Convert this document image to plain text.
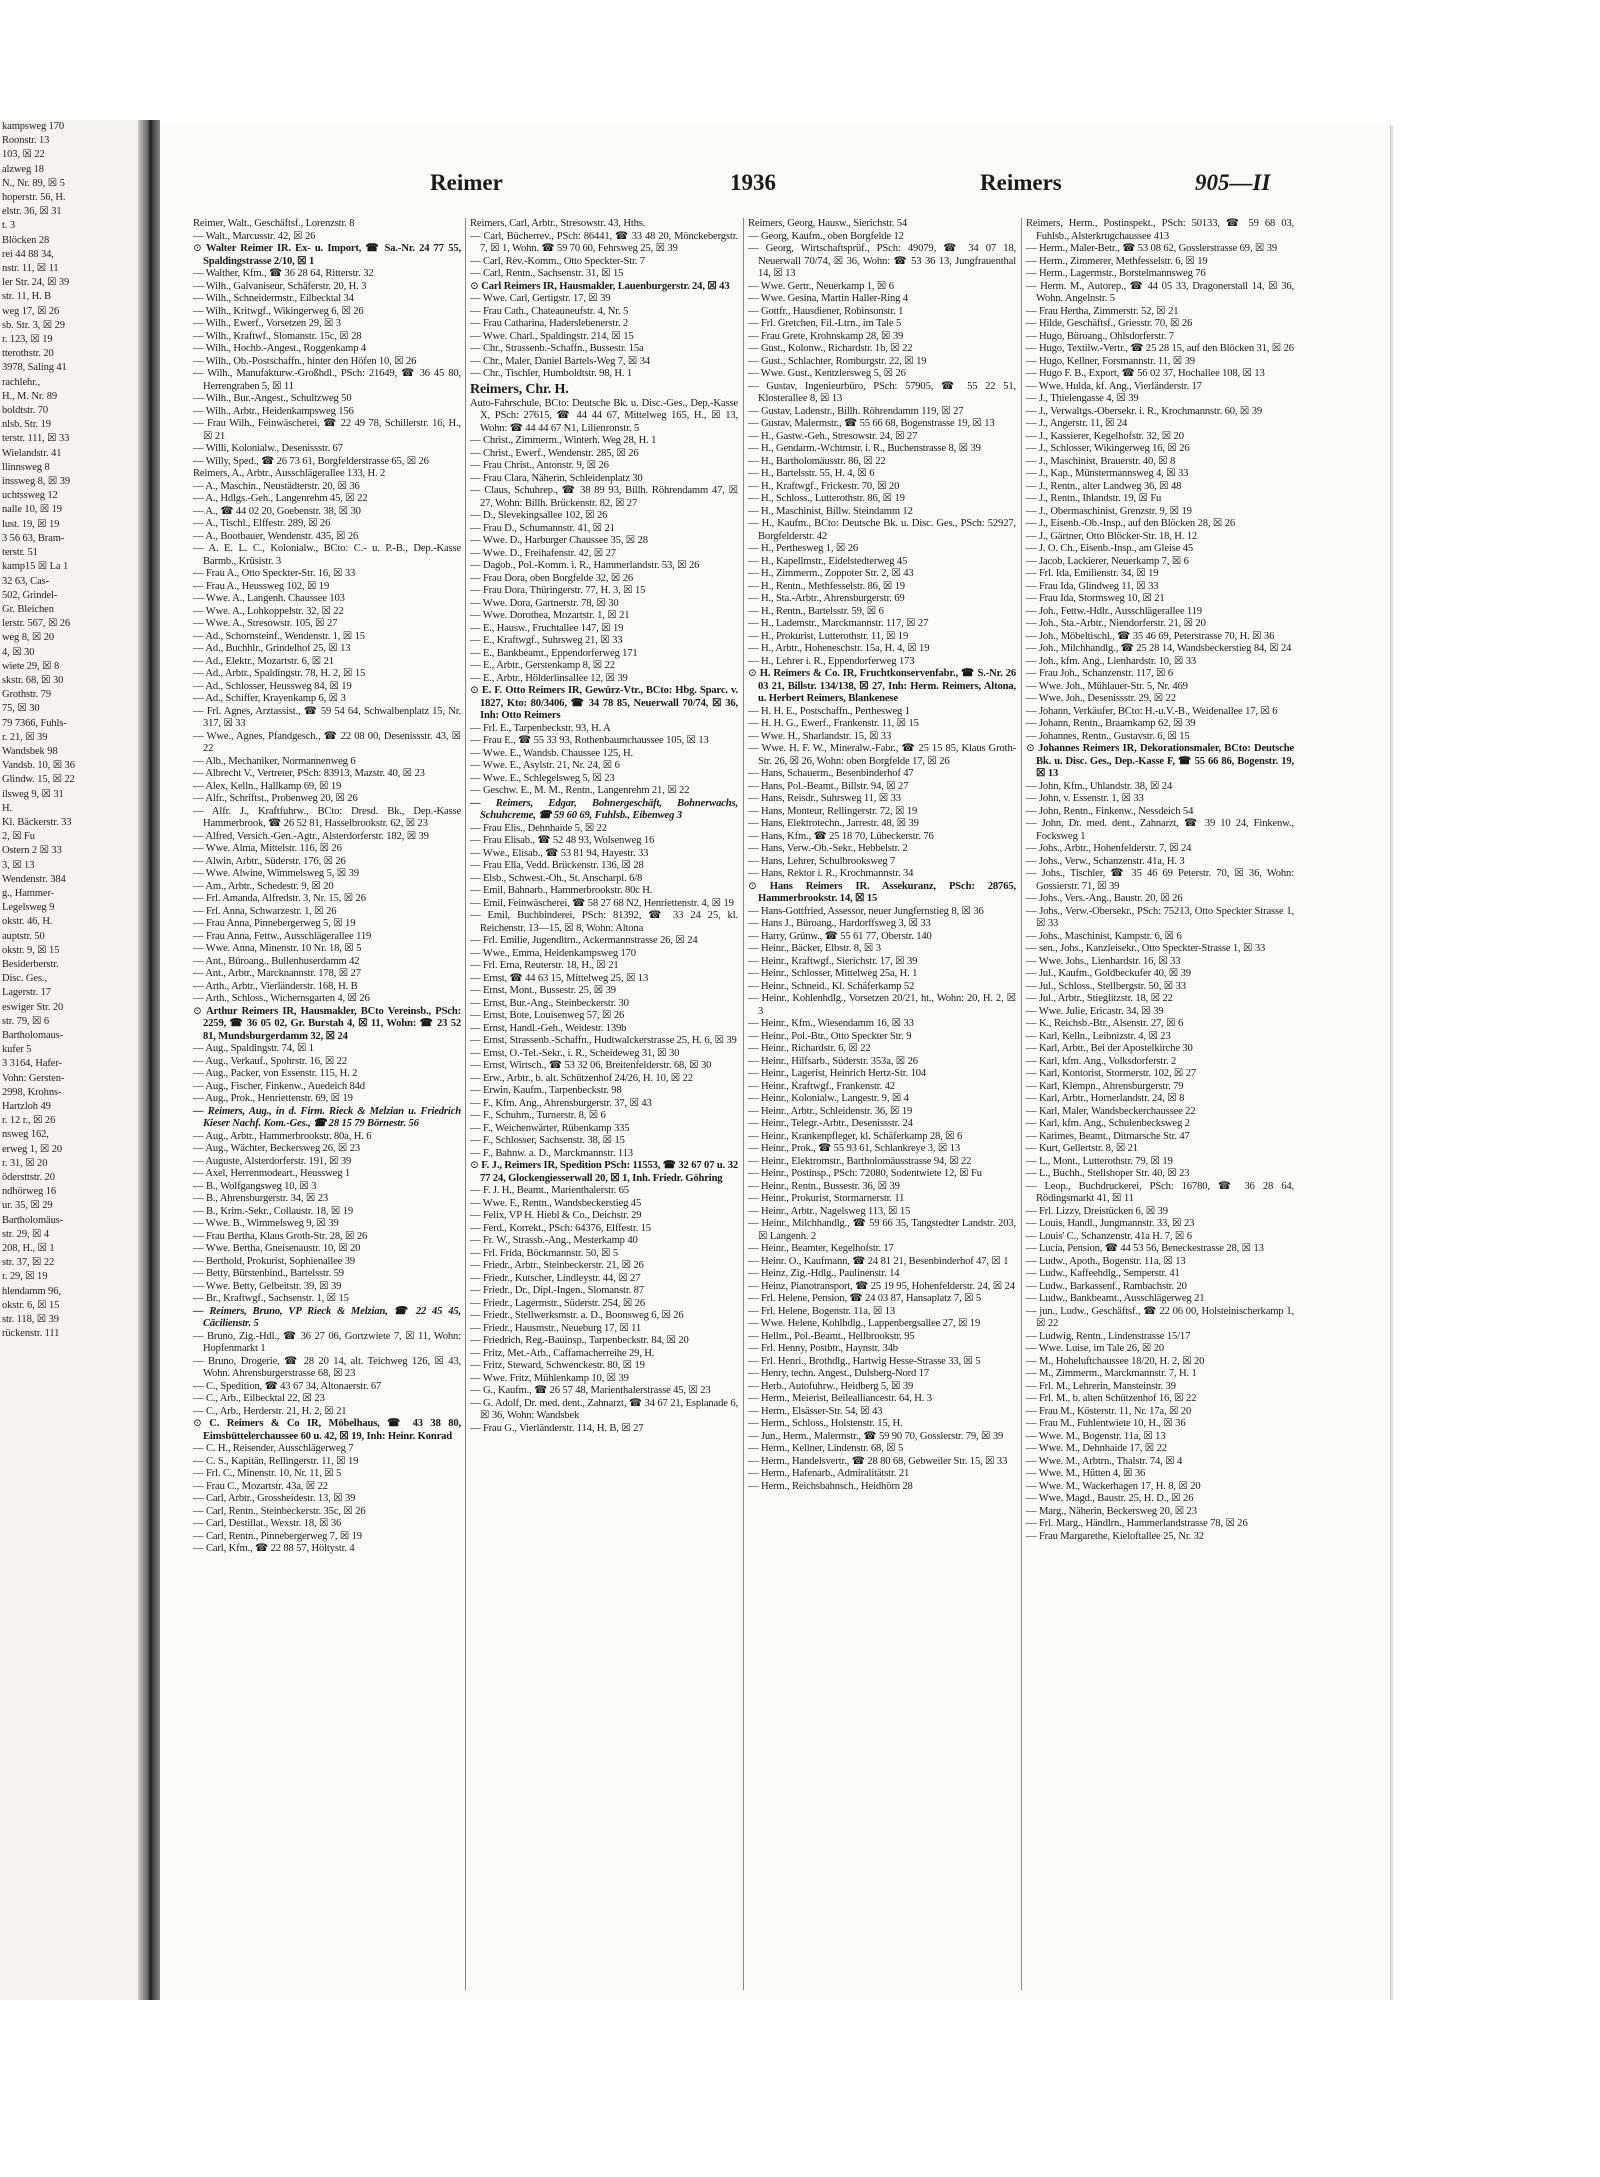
kampsweg 170
Roonstr. 13
103, ☒ 22
alzweg 18
N., Nr. 89, ☒ 5
hoperstr. 56, H.
elstr. 36, ☒ 31
t. 3
Blöcken 28
rei 44 88 34,
nstr. 11, ☒ 11
ler Str. 24, ☒ 39
str. 11, H. B
weg 17, ☒ 26
sb. Str. 3, ☒ 29
r. 123, ☒ 19
tterothstr. 20
3978, Saling 41
rachlehr.,
H., M. Nr. 89
boldtstr. 70
nlsb. Str. 19
terstr. 111, ☒ 33
Wielandstr. 41
llinnsweg 8
inssweg 8, ☒ 39
uchtssweg 12
nalle 10, ☒ 19
lust. 19, ☒ 19
3 56 63, Bram-
terstr. 51
kamp15 ☒ La 1
32 63, Cas-
502, Grindel-
Gr. Bleichen
lerstr. 567, ☒ 26
weg 8, ☒ 20
4, ☒ 30
wiete 29, ☒ 8
skstr. 68, ☒ 30
Grothstr. 79
75, ☒ 30
79 7366, Fuhls-
r. 21, ☒ 39
Wandsbek 98
Vandsb. 10, ☒ 36
Glindw. 15, ☒ 22
ilsweg 9, ☒ 31
H.
Kl. Bäckerstr. 33
2, ☒ Fu
Ostern 2 ☒ 33
3, ☒ 13
Wendenstr. 384
g., Hammer-
Legelsweg 9
okstr. 46, H.
auptstr. 50
okstr. 9, ☒ 15
Besiderberstr.
Disc. Ges.,
Lagerstr. 17
eswiger Str. 20
str. 79, ☒ 6
Bartholomaus-
kufer 5
3 3164, Hafer-
Vohn: Gersten-
2998, Krohns-
Hartzloh 49
r. 12 r., ☒ 26
nsweg 162,
erweg 1, ☒ 20
r. 31, ☒ 20
ödersttstr. 20
ndhörweg 16
ur. 35, ☒ 29
Bartholomäus-
str. 29, ☒ 4
208, H., ☒ 1
str. 37, ☒ 22
r. 29, ☒ 19
hlendamm 96,
okstr. 6, ☒ 15
str. 118, ☒ 39
rückenstr. 111
Reimer	1936	Reimers	905—II
Reimer, Walt., Geschäftsf., Lorenzstr. 8
— Walt., Marcusstr. 42, ☒ 26
⊙ Walter Reimer IR. Ex- u. Import, ☎ Sa.-Nr. 24 77 55, Spaldingstrasse 2/10, ☒ 1
— Walther, Kfm., ☎ 36 28 64, Ritterstr. 32
— Wilh., Galvaniseur, Schäferstr. 20, H. 3
— Wilh., Schneidermstr., Eilbecktal 34
— Wilh., Kritwgf., Wikingerweg 6, ☒ 26
— Wilh., Ewerf., Vorsetzen 29, ☒ 3
— Wilh., Kraftwf., Slomanstr. 15c, ☒ 28
— Wilh., Hochb.-Angest., Roggenkamp 4
— Wilh., Ob.-Postschaffn., hinter den Höfen 10, ☒ 26
— Wilh., Manufakturw.-Großhdl., PSch: 21649, ☎ 36 45 80, Herrengraben 5, ☒ 11
— Wilh., Bur.-Angest., Schultzweg 50
— Wilh., Arbtr., Heidenkampsweg 156
— Frau Wilh., Feinwäscherei, ☎ 22 49 78, Schillerstr. 16, H., ☒ 21
— Willi, Kolonialw., Desenissstr. 67
— Willy, Sped., ☎ 26 73 61, Borgfelderstrasse 65, ☒ 26
Reimers, A., Arbtr., Ausschlägerallee 133, H. 2
— A., Maschin., Neustädterstr. 20, ☒ 36
— A., Hdlgs.-Geh., Langenrehm 45, ☒ 22
— A., ☎ 44 02 20, Goebenstr. 38, ☒ 30
— A., Tischl., Elffestr. 289, ☒ 26
— A., Bootbauer, Wendenstr. 435, ☒ 26
— A. E. L. C., Kolonialw., BCto: C.- u. P.-B., Dep.-Kasse Barmb., Krüsistr. 3
— Frau A., Otto Speckter-Str. 16, ☒ 33
— Frau A., Heussweg 102, ☒ 19
— Wwe. A., Langenh. Chaussee 103
— Wwe. A., Lohkoppelstr. 32, ☒ 22
— Wwe. A., Stresowstr. 105, ☒ 27
— Ad., Schornsteinf., Wendenstr. 1, ☒ 15
— Ad., Buchhlr., Grindelhof 25, ☒ 13
— Ad., Elektr., Mozartstr. 6, ☒ 21
— Ad., Arbtr., Spaldingstr. 78, H. 2, ☒ 15
— Ad., Schlosser, Heussweg 84, ☒ 19
— Ad., Schiffer, Krayenkamp 6, ☒ 3
— Frl. Agnes, Arztassist., ☎ 59 54 64, Schwalbenplatz 15, Nr. 317, ☒ 33
— Wwe., Agnes, Pfandgesch., ☎ 22 08 00, Desenissstr. 43, ☒ 22
— Alb., Mechaniker, Normannenweg 6
— Albrecht V., Vertreter, PSch: 83913, Mazstr. 40, ☒ 23
— Alex, Kelln., Hallkamp 69, ☒ 19
— Alfr., Schriftst., Probenweg 20, ☒ 26
— Alfr. J., Kraftfuhrw., BCto: Dresd. Bk., Dep.-Kasse Hammerbrook, ☎ 26 52 81, Hasselbrookstr. 62, ☒ 23
— Alfred, Versich.-Gen.-Agtr., Alsterdorferstr. 182, ☒ 39
— Wwe. Alma, Mittelstr. 116, ☒ 26
— Alwin, Arbtr., Süderstr. 176, ☒ 26
— Wwe. Alwine, Wimmelsweg 5, ☒ 39
— Am., Arbtr., Schedestr. 9, ☒ 20
— Frl. Amanda, Alfredstr. 3, Nr. 15, ☒ 26
— Frl. Anna, Schwarzestr. 1, ☒ 26
— Frau Anna, Pinnebergerweg 5, ☒ 19
— Frau Anna, Fettw., Ausschlägerallee 119
— Wwe. Anna, Minenstr. 10 Nr. 18, ☒ 5
— Ant., Büroang., Bullenhuserdamm 42
— Ant., Arbtr., Marcknannstr. 178, ☒ 27
— Arth., Arbtr., Vierländerstr. 168, H. B
— Arth., Schloss., Wichernsgarten 4, ☒ 26
⊙ Arthur Reimers IR, Hausmakler, BCto Vereinsb., PSch: 2259, ☎ 36 05 02, Gr. Burstah 4, ☒ 11, Wohn: ☎ 23 52 81, Mundsburgerdamm 32, ☒ 24
— Aug., Spaldingstr. 74, ☒ 1
— Aug., Verkauf., Spohrstr. 16, ☒ 22
— Aug., Packer, von Essenstr. 115, H. 2
— Aug., Fischer, Finkenw., Auedeich 84d
— Aug., Prok., Henriettenstr. 69, ☒ 19
— Reimers, Aug., in d. Firm. Rieck & Melzian u. Friedrich Kieser Nachf. Kom.-Ges., ☎ 28 15 79 Börnestr. 56
— Aug., Arbtr., Hammerbrookstr. 80a, H. 6
— Aug., Wächter, Beckersweg 26, ☒ 23
— Auguste, Alsterdorferstr. 191, ☒ 39
— Axel, Herrenmodeart., Heussweg 1
— B., Wolfgangsweg 10, ☒ 3
— B., Ahrensburgerstr. 34, ☒ 23
— B., Krim.-Sekr., Collaustr. 18, ☒ 19
— Wwe. B., Wimmelsweg 9, ☒ 39
— Frau Bertha, Klaus Groth-Str. 28, ☒ 26
— Wwe. Bertha, Gneisenaustr. 10, ☒ 20
— Berthold, Prokurist, Sophienallee 39
— Betty, Bürstenbind., Bartelsstr. 59
— Wwe. Betty, Gelbeitstr. 39, ☒ 39
— Br., Kraftwgf., Sachsenstr. 1, ☒ 15
— Reimers, Bruno, VP Rieck & Melzian, ☎ 22 45 45, Cäcilienstr. 5
— Bruno, Zig.-Hdl., ☎ 36 27 06, Gortzwiete 7, ☒ 11, Wohn: Hopfenmarkt 1
— Bruno, Drogerie, ☎ 28 20 14, alt. Teichweg 126, ☒ 43, Wohn. Ahrensburgerstrasse 68, ☒ 23
— C., Spedition, ☎ 43 67 34, Altonaerstr. 67
— C., Arb., Eilbecktal 22, ☒ 23
— C., Arb., Herderstr. 21, H. 2, ☒ 21
⊙ C. Reimers & Co IR, Möbelhaus, ☎ 43 38 80, Eimsbüttelerchaussee 60 u. 42, ☒ 19, Inh: Heinr. Konrad
— C. H., Reisender, Ausschlägerweg 7
— C. S., Kapitän, Rellingerstr. 11, ☒ 19
— Frl. C., Minenstr. 10, Nr. 11, ☒ 5
— Frau C., Mozartstr. 43a, ☒ 22
— Carl, Arbtr., Grossheidestr. 13, ☒ 39
— Carl, Rentn., Steinbeckerstr. 35c, ☒ 26
— Carl, Destillat., Wexstr. 18, ☒ 36
— Carl, Rentn., Pinnebergerweg 7, ☒ 19
— Carl, Kfm., ☎ 22 88 57, Höltystr. 4
Reimers, Carl, Arbtr., Stresowstr. 43, Hths.
— Carl, Bücherrev., PSch: 86441, ☎ 33 48 20, Mönckebergstr. 7, ☒ 1, Wohn. ☎ 59 70 60, Fehrsweg 25, ☒ 39
— Carl, Rev.-Komm., Otto Speckter-Str. 7
— Carl, Rentn., Sachsenstr. 31, ☒ 15
⊙ Carl Reimers IR, Hausmakler, Lauenburgerstr. 24, ☒ 43
— Wwe. Carl, Gertigstr. 17, ☒ 39
— Frau Cath., Chateauneufstr. 4, Nr. 5
— Frau Catharina, Haderslebenerstr. 2
— Wwe. Charl., Spaldingstr. 214, ☒ 15
— Chr., Strassenb.-Schaffn., Bussestr. 15a
— Chr., Maler, Daniel Bartels-Weg 7, ☒ 34
— Chr., Tischler, Humboldtstr. 98, H. 1
Reimers, Chr. H.
Auto-Fahrschule, BCto: Deutsche Bk. u. Disc.-Ges., Dep.-Kasse X, PSch: 27615, ☎ 44 44 67, Mittelweg 165, H., ☒ 13, Wohn: ☎ 44 44 67 N1, Lilienronstr. 5
— Christ., Zimmerm., Winterh. Weg 28, H. 1
— Christ., Ewerf., Wendenstr. 285, ☒ 26
— Frau Christ., Antonstr. 9, ☒ 26
— Frau Clara, Näherin, Schleidenplatz 30
— Claus, Schuhrep., ☎ 38 89 93, Billh. Röhrendamm 47, ☒ 27, Wohn: Billh. Brückenstr. 82, ☒ 27
— D., Slevekingsallee 102, ☒ 26
— Frau D., Schumannstr. 41, ☒ 21
— Wwe. D., Harburger Chaussee 35, ☒ 28
— Wwe. D., Freihafenstr. 42, ☒ 27
— Dagob., Pol.-Komm. i. R., Hammerlandstr. 53, ☒ 26
— Frau Dora, oben Borgfelde 32, ☒ 26
— Frau Dora, Thüringerstr. 77, H. 3, ☒ 15
— Wwe. Dora, Gartnerstr. 78, ☒ 30
— Wwe. Dorothea, Mozartstr. 1, ☒ 21
— E., Hausw., Fruchtallee 147, ☒ 19
— E., Kraftwgf., Suhrsweg 21, ☒ 33
— E., Bankbeamt., Eppendorferweg 171
— E., Arbtr., Gerstenkamp 8, ☒ 22
— E., Arbtr., Hölderlinsallee 12, ☒ 39
⊙ E. F. Otto Reimers IR, Gewürz-Vtr., BCto: Hbg. Sparc. v. 1827, Kto: 80/3406, ☎ 34 78 85, Neuerwall 70/74, ☒ 36, Inh: Otto Reimers
— Frl. E., Tarpenbeckstr. 93, H. A
— Frau E., ☎ 55 33 93, Rothenbaumchaussee 105, ☒ 13
— Wwe. E., Wandsb. Chaussee 125, H.
— Wwe. E., Asylstr. 21, Nr. 24, ☒ 6
— Wwe. E., Schlegelsweg 5, ☒ 23
— Geschw. E., M. M., Rentn., Langenrehm 21, ☒ 22
— Reimers, Edgar, Bohnergeschäft, Bohnerwachs, Schuhcreme, ☎ 59 60 69, Fuhlsb., Eibenweg 3
— Frau Elis., Dehnhaide 5, ☒ 22
— Frau Elisab., ☎ 52 48 93, Wolsenweg 16
— Wwe., Elisab., ☎ 53 81 94, Hayestr. 33
— Frau Ella, Vedd. Brückenstr. 136, ☒ 28
— Elsb., Schwest.-Oh., St. Anscharpl. 6/8
— Emil, Bahnarb., Hammerbrookstr. 80c H.
— Emil, Feinwäscherei, ☎ 58 27 68 N2, Henriettenstr. 4, ☒ 19
— Emil, Buchbinderei, PSch: 81392, ☎ 33 24 25, kl. Reichenstr. 13—15, ☒ 8, Wohn: Altona
— Frl. Emilie, Jugendltrn., Ackermannstrasse 26, ☒ 24
— Wwe., Emma, Heidenkampsweg 170
— Frl. Erna, Reuterstr. 18, H., ☒ 21
— Ernst, ☎ 44 63 15, Mittelweg 25, ☒ 13
— Ernst, Mont., Bussestr. 25, ☒ 39
— Ernst, Bur.-Ang., Steinbeckerstr. 30
— Ernst, Bote, Louisenweg 57, ☒ 26
— Ernst, Handl.-Geh., Weidestr. 139b
— Ernst, Strassenb.-Schaffn., Hudtwalckerstrasse 25, H. 6, ☒ 39
— Ernst, O.-Tel.-Sekr., i. R., Scheideweg 31, ☒ 30
— Ernst, Wirtsch., ☎ 53 32 06, Breitenfelderstr. 68, ☒ 30
— Erw., Arbtr., b. alt. Schützenhof 24/26, H. 10, ☒ 22
— Erwin, Kaufm., Tarpenbeckstr. 98
— F., Kfm. Ang., Ahrensburgerstr. 37, ☒ 43
— F., Schuhm., Turnerstr. 8, ☒ 6
— F., Weichenwärter, Rübenkamp 335
— F., Schlosser, Sachsenstr. 38, ☒ 15
— F., Bahnw. a. D., Marckmannstr. 113
⊙ F. J., Reimers IR, Spedition PSch: 11553, ☎ 32 67 07 u. 32 77 24, Glockengiesserwall 20, ☒ 1, Inh. Friedr. Göhring
— F. J. H., Beamt., Marienthalerstr. 65
— Wwe. F., Rentn., Wandsbeckerstieg 45
— Felix, VP H. Hiebl & Co., Deichstr. 29
— Ferd., Korrekt., PSch: 64376, Elffestr. 15
— Fr. W., Strassb.-Ang., Mesterkamp 40
— Frl. Frida, Böckmannstr. 50, ☒ 5
— Friedr., Arbtr., Steinbeckerstr. 21, ☒ 26
— Friedr., Kutscher, Lindleystr. 44, ☒ 27
— Friedr., Dr., Dipl.-Ingen., Slomanstr. 87
— Friedr., Lagermstr., Süderstr. 254, ☒ 26
— Friedr., Stellwerksmstr. a. D., Boonsweg 6, ☒ 26
— Friedr., Hausmstr., Neueburg 17, ☒ 11
— Friedrich, Reg.-Bauinsp., Tarpenbeckstr. 84, ☒ 20
— Fritz, Met.-Arb., Caffamacherreihe 29, H.
— Fritz, Steward, Schwenckestr. 80, ☒ 19
— Wwe. Fritz, Mühlenkamp 10, ☒ 39
— G., Kaufm., ☎ 26 57 48, Marienthalerstrasse 45, ☒ 23
— G. Adolf, Dr. med. dent., Zahnarzt, ☎ 34 67 21, Esplanade 6, ☒ 36, Wohn: Wandsbek
— Frau G., Vierländerstr. 114, H. B, ☒ 27
Reimers, Georg, Hausw., Sierichstr. 54
— Georg, Kaufm., oben Borgfelde 12
— Georg, Wirtschaftsprüf., PSch: 49079, ☎ 34 07 18, Neuerwall 70/74, ☒ 36, Wohn: ☎ 53 36 13, Jungfrauenthal 14, ☒ 13
— Wwe. Gertr., Neuerkamp 1, ☒ 6
— Wwe. Gesina, Martin Haller-Ring 4
— Gottfr., Hausdiener, Robinsonstr. 1
— Frl. Gretchen, Fil.-Ltrn., im Tale 5
— Frau Grete, Krohnskamp 28, ☒ 39
— Gust., Kolonw., Richardstr. 1b, ☒ 22
— Gust., Schlachter, Romburgstr. 22, ☒ 19
— Wwe. Gust., Kentzlersweg 5, ☒ 26
— Gustav, Ingenieurbüro, PSch: 57905, ☎ 55 22 51, Klosterallee 8, ☒ 13
— Gustav, Ladenstr., Billh. Röhrendamm 119, ☒ 27
— Gustav, Malermstr., ☎ 55 66 68, Bogenstrasse 19, ☒ 13
— H., Gastw.-Geh., Stresowstr. 24, ☒ 27
— H., Gendarm.-Wchtmstr. i. R., Buchenstrasse 8, ☒ 39
— H., Bartholomäusstr. 86, ☒ 22
— H., Bartelsstr. 55, H. 4, ☒ 6
— H., Kraftwgf., Frickestr. 70, ☒ 20
— H., Schloss., Lutterothstr. 86, ☒ 19
— H., Maschinist, Billw. Steindamm 12
— H., Kaufm., BCto: Deutsche Bk. u. Disc. Ges., PSch: 52927, Borgfelderstr. 42
— H., Perthesweg 1, ☒ 26
— H., Kapellmstr., Eidelstedterweg 45
— H., Zimmerm., Zoppoter Str. 2, ☒ 43
— H., Rentn., Methfesselstr. 86, ☒ 19
— H., Sta.-Arbtr., Ahrensburgerstr. 69
— H., Rentn., Bartelsstr. 59, ☒ 6
— H., Lademstr., Marckmannstr. 117, ☒ 27
— H., Prokurist, Lutterothstr. 11, ☒ 19
— H., Arbtr., Hoheneschstr. 15a, H. 4, ☒ 19
— H., Lehrer i. R., Eppendorferweg 173
⊙ H. Reimers & Co. IR, Fruchtkonservenfabr., ☎ S.-Nr. 26 03 21, Billstr. 134/138, ☒ 27, Inh: Herm. Reimers, Altona, u. Herbert Reimers, Blankenese
— H. H. E., Postschaffn., Perthesweg 1
— H. H. G., Ewerf., Frankenstr. 11, ☒ 15
— Wwe. H., Sharlandstr. 15, ☒ 33
— Wwe. H. F. W., Mineralw.-Fabr., ☎ 25 15 85, Klaus Groth-Str. 26, ☒ 26, Wohn: oben Borgfelde 17, ☒ 26
— Hans, Schauerm., Besenbinderhof 47
— Hans, Pol.-Beamt., Billstr. 94, ☒ 27
— Hans, Reisdr., Suhrsweg 11, ☒ 33
— Hans, Monteur, Rellingerstr. 72, ☒ 19
— Hans, Elektrotechn., Jarrestr. 48, ☒ 39
— Hans, Kfm., ☎ 25 18 70, Lübeckerstr. 76
— Hans, Verw.-Ob.-Sekr., Hebbelstr. 2
— Hans, Lehrer, Schulbrooksweg 7
— Hans, Rektor i. R., Krochmannstr. 34
⊙ Hans Reimers IR. Assekuranz, PSch: 28765, Hammerbrookstr. 14, ☒ 15
— Hans-Gottfried, Assessor, neuer Jungfernstieg 8, ☒ 36
— Hans J., Büroang., Hardorffsweg 3, ☒ 33
— Harry, Grünw., ☎ 55 61 77, Oberstr. 140
— Heinr., Bäcker, Elbstr. 8, ☒ 3
— Heinr., Kraftwgf., Sierichstr. 17, ☒ 39
— Heinr., Schlosser, Mittelweg 25a, H. 1
— Heinr., Schneid., Kl. Schäferkamp 52
— Heinr., Kohlenhdlg., Vorsetzen 20/21, ht., Wohn: 20, H. 2, ☒ 3
— Heinr., Kfm., Wiesendamm 16, ☒ 33
— Heinr., Pol.-Btr., Otto Speckter Str. 9
— Heinr., Richardstr. 6, ☒ 22
— Heinr., Hilfsarb., Süderstr. 353a, ☒ 26
— Heinr., Lagerist, Heinrich Hertz-Str. 104
— Heinr., Kraftwgf., Frankenstr. 42
— Heinr., Kolonialw., Langestr. 9, ☒ 4
— Heinr., Arbtr., Schleidenstr. 36, ☒ 19
— Heinr., Telegr.-Arbtr., Desenissstr. 24
— Heinr., Krankenpfleger, kl. Schäferkamp 28, ☒ 6
— Heinr., Prok., ☎ 55 93 61, Schlankreye 3, ☒ 13
— Heinr., Elektromstr., Bartholomäusstrasse 94, ☒ 22
— Heinr., Postinsp., PSch: 72080, Sodentwiete 12, ☒ Fu
— Heinr., Rentn., Bussestr. 36, ☒ 39
— Heinr., Prokurist, Stormarnerstr. 11
— Heinr., Arbtr., Nagelsweg 113, ☒ 15
— Heinr., Milchhandlg., ☎ 59 66 35, Tangstedter Landstr. 203, ☒ Langenh. 2
— Heinr., Beamter, Kegelhofstr. 17
— Heinr. O., Kaufmann, ☎ 24 81 21, Besenbinderhof 47, ☒ 1
— Heinz, Zig.-Hdlg., Paulinenstr. 14
— Heinz, Pianotransport, ☎ 25 19 95, Hohenfelderstr. 24, ☒ 24
— Frl. Helene, Pension, ☎ 24 03 87, Hansaplatz 7, ☒ 5
— Frl. Helene, Bogenstr. 11a, ☒ 13
— Wwe. Helene, Kohlhdlg., Lappenbergsallee 27, ☒ 19
— Hellm., Pol.-Beamt., Hellbrookstr. 95
— Frl. Henny, Postbtr., Haynstr. 34b
— Frl. Henri., Brothdlg., Hartwig Hesse-Strasse 33, ☒ 5
— Henry, techn. Angest., Dulsberg-Nord 17
— Herb., Autofuhrw., Heidberg 5, ☒ 39
— Herm., Meierist, Beilealliancestr. 64, H. 3
— Herm., Elsässer-Str. 54, ☒ 43
— Herm., Schloss., Holstenstr. 15, H.
— Jun., Herm., Malermstr., ☎ 59 90 70, Gosslerstr. 79, ☒ 39
— Herm., Kellner, Lindenstr. 68, ☒ 5
— Herm., Handelsvertr., ☎ 28 80 68, Gebweiler Str. 15, ☒ 33
— Herm., Hafenarb., Admiralitätstr. 21
— Herm., Reichsbahnsch., Heidhörn 28
Reimers, Herm., Postinspekt., PSch: 50133, ☎ 59 68 03, Fuhlsb., Alsterkrugchaussee 413
— Herm., Maler-Betr., ☎ 53 08 62, Gosslerstrasse 69, ☒ 39
— Herm., Zimmerer, Methfesselstr. 6, ☒ 19
— Herm., Lagermstr., Borstelmannsweg 76
— Herm. M., Autorep., ☎ 44 05 33, Dragonerstall 14, ☒ 36, Wohn. Angelnstr. 5
— Frau Hertha, Zimmerstr. 52, ☒ 21
— Hilde, Geschäftsf., Griesstr. 70, ☒ 26
— Hugo, Büroang., Ohlsdorferstr. 7
— Hugo, Textilw.-Vertr., ☎ 25 28 15, auf den Blöcken 31, ☒ 26
— Hugo, Kellner, Forsmannstr. 11, ☒ 39
— Hugo F. B., Export, ☎ 56 02 37, Hochallee 108, ☒ 13
— Wwe. Hulda, kf. Ang., Vierländerstr. 17
— J., Thielengasse 4, ☒ 39
— J., Verwaltgs.-Obersekr. i. R., Krochmannstr. 60, ☒ 39
— J., Angerstr. 11, ☒ 24
— J., Kassierer, Kegelhofstr. 32, ☒ 20
— J., Schlosser, Wikingerweg 16, ☒ 26
— J., Maschinist, Brauerstr. 40, ☒ 8
— J., Kap., Münstermannsweg 4, ☒ 33
— J., Rentn., alter Landweg 36, ☒ 48
— J., Rentn., Ihlandstr. 19, ☒ Fu
— J., Obermaschinist, Grenzstr. 9, ☒ 19
— J., Eisenb.-Ob.-Insp., auf den Blöcken 28, ☒ 26
— J., Gärtner, Otto Blöcker-Str. 18, H. 12
— J. O. Ch., Eisenb.-Insp., am Gleise 45
— Jacob, Lackierer, Neuerkamp 7, ☒ 6
— Frl. Ida, Emilienstr. 34, ☒ 19
— Frau Ida, Glindweg 11, ☒ 33
— Frau Ida, Stormsweg 10, ☒ 21
— Joh., Fettw.-Hdlr., Ausschlägerallee 119
— Joh., Sta.-Arbtr., Niendorferstr. 21, ☒ 20
— Joh., Möbeltischl., ☎ 35 46 69, Peterstrasse 70, H. ☒ 36
— Joh., Milchhandlg., ☎ 25 28 14, Wandsbeckerstieg 84, ☒ 24
— Joh., kfm. Ang., Lienhardstr. 10, ☒ 33
— Frau Joh., Schanzenstr. 117, ☒ 6
— Wwe. Joh., Mühlauer-Str. 5, Nr. 469
— Wwe. Joh., Desenissstr. 29, ☒ 22
— Johann, Verkäufer, BCto: H.-u.V.-B., Weidenallee 17, ☒ 6
— Johann, Rentn., Braamkamp 62, ☒ 39
— Johannes, Rentn., Gustavstr. 6, ☒ 15
⊙ Johannes Reimers IR, Dekorationsmaler, BCto: Deutsche Bk. u. Disc. Ges., Dep.-Kasse F, ☎ 55 66 86, Bogenstr. 19, ☒ 13
— John, Kfm., Uhlandstr. 38, ☒ 24
— John, v. Essenstr. 1, ☒ 33
— John, Rentn., Finkenw., Nessdeich 54
— John, Dr. med. dent., Zahnarzt, ☎ 39 10 24, Finkenw., Focksweg 1
— Johs., Arbtr., Hohenfelderstr. 7, ☒ 24
— Johs., Verw., Schanzenstr. 41a, H. 3
— Johs., Tischler, ☎ 35 46 69 Peterstr. 70, ☒ 36, Wohn: Gossierstr. 71, ☒ 39
— Johs., Vers.-Ang., Baustr. 20, ☒ 26
— Johs., Verw.-Obersekr., PSch: 75213, Otto Speckter Strasse 1, ☒ 33
— Johs., Maschinist, Kampstr. 6, ☒ 6
— sen., Johs., Kanzleisekr., Otto Speckter-Strasse 1, ☒ 33
— Wwe. Johs., Lienhardstr. 16, ☒ 33
— Jul., Kaufm., Goldbeckufer 40, ☒ 39
— Jul., Schloss., Stellbergstr. 50, ☒ 33
— Jul., Arbtr., Stieglitzstr. 18, ☒ 22
— Wwe. Julie, Ericastr. 34, ☒ 39
— K., Reichsb.-Btr., Alsenstr. 27, ☒ 6
— Karl, Kelln., Leibnizstr. 4, ☒ 23
— Karl, Arbtr., Bei der Apostelkirche 30
— Karl, kfm. Ang., Volksdorferstr. 2
— Karl, Kontorist, Stormerstr. 102, ☒ 27
— Karl, Klempn., Ahrensburgerstr. 79
— Karl, Arbtr., Hornerlandstr. 24, ☒ 8
— Karl, Maler, Wandsbeckerchaussee 22
— Karl, kfm. Ang., Schulenbecksweg 2
— Karimes, Beamt., Ditmarsche Str. 47
— Kurt, Gellertstr. 8, ☒ 21
— L., Mont., Lutterothstr. 79, ☒ 19
— L., Buchh., Stellshoper Str. 40, ☒ 23
— Leop., Buchdruckerei, PSch: 16780, ☎ 36 28 64, Rödingsmarkt 41, ☒ 11
— Frl. Lizzy, Dreistücken 6, ☒ 39
— Louis, Handl., Jungmannstr. 33, ☒ 23
— Louis' C., Schanzenstr. 41a H. 7, ☒ 6
— Lucia, Pension, ☎ 44 53 56, Beneckestrasse 28, ☒ 13
— Ludw., Apoth., Bogenstr. 11a, ☒ 13
— Ludw., Kaffeehdlg., Semperstr. 41
— Ludw., Barkassenf., Rambachstr. 20
— Ludw., Bankbeamt., Ausschlägerweg 21
— jun., Ludw., Geschäftsf., ☎ 22 06 00, Holsteinischerkamp 1, ☒ 22
— Ludwig, Rentn., Lindenstrasse 15/17
— Wwe. Luise, im Tale 26, ☒ 20
— M., Hoheluftchaussee 18/20, H. 2, ☒ 20
— M., Zimmerm., Marckmannstr. 7, H. 1
— Frl. M., Lehrerin, Mansteinstr. 39
— Frl. M., b. alten Schützenhof 16, ☒ 22
— Frau M., Kösterstr. 11, Nr. 17a, ☒ 20
— Frau M., Fuhlentwiete 10, H., ☒ 36
— Wwe. M., Bogenstr. 11a, ☒ 13
— Wwe. M., Dehnhaide 17, ☒ 22
— Wwe. M., Arbtrn., Thalstr. 74, ☒ 4
— Wwe. M., Hütten 4, ☒ 36
— Wwe. M., Wackerhagen 17, H. 8, ☒ 20
— Wwe. Magd., Baustr. 25, H. D., ☒ 26
— Marg., Näherin, Beckersweg 20, ☒ 23
— Frl. Marg., Händlrn., Hammerlandstrasse 78, ☒ 26
— Frau Margarethe, Kieloftallee 25, Nr. 32
